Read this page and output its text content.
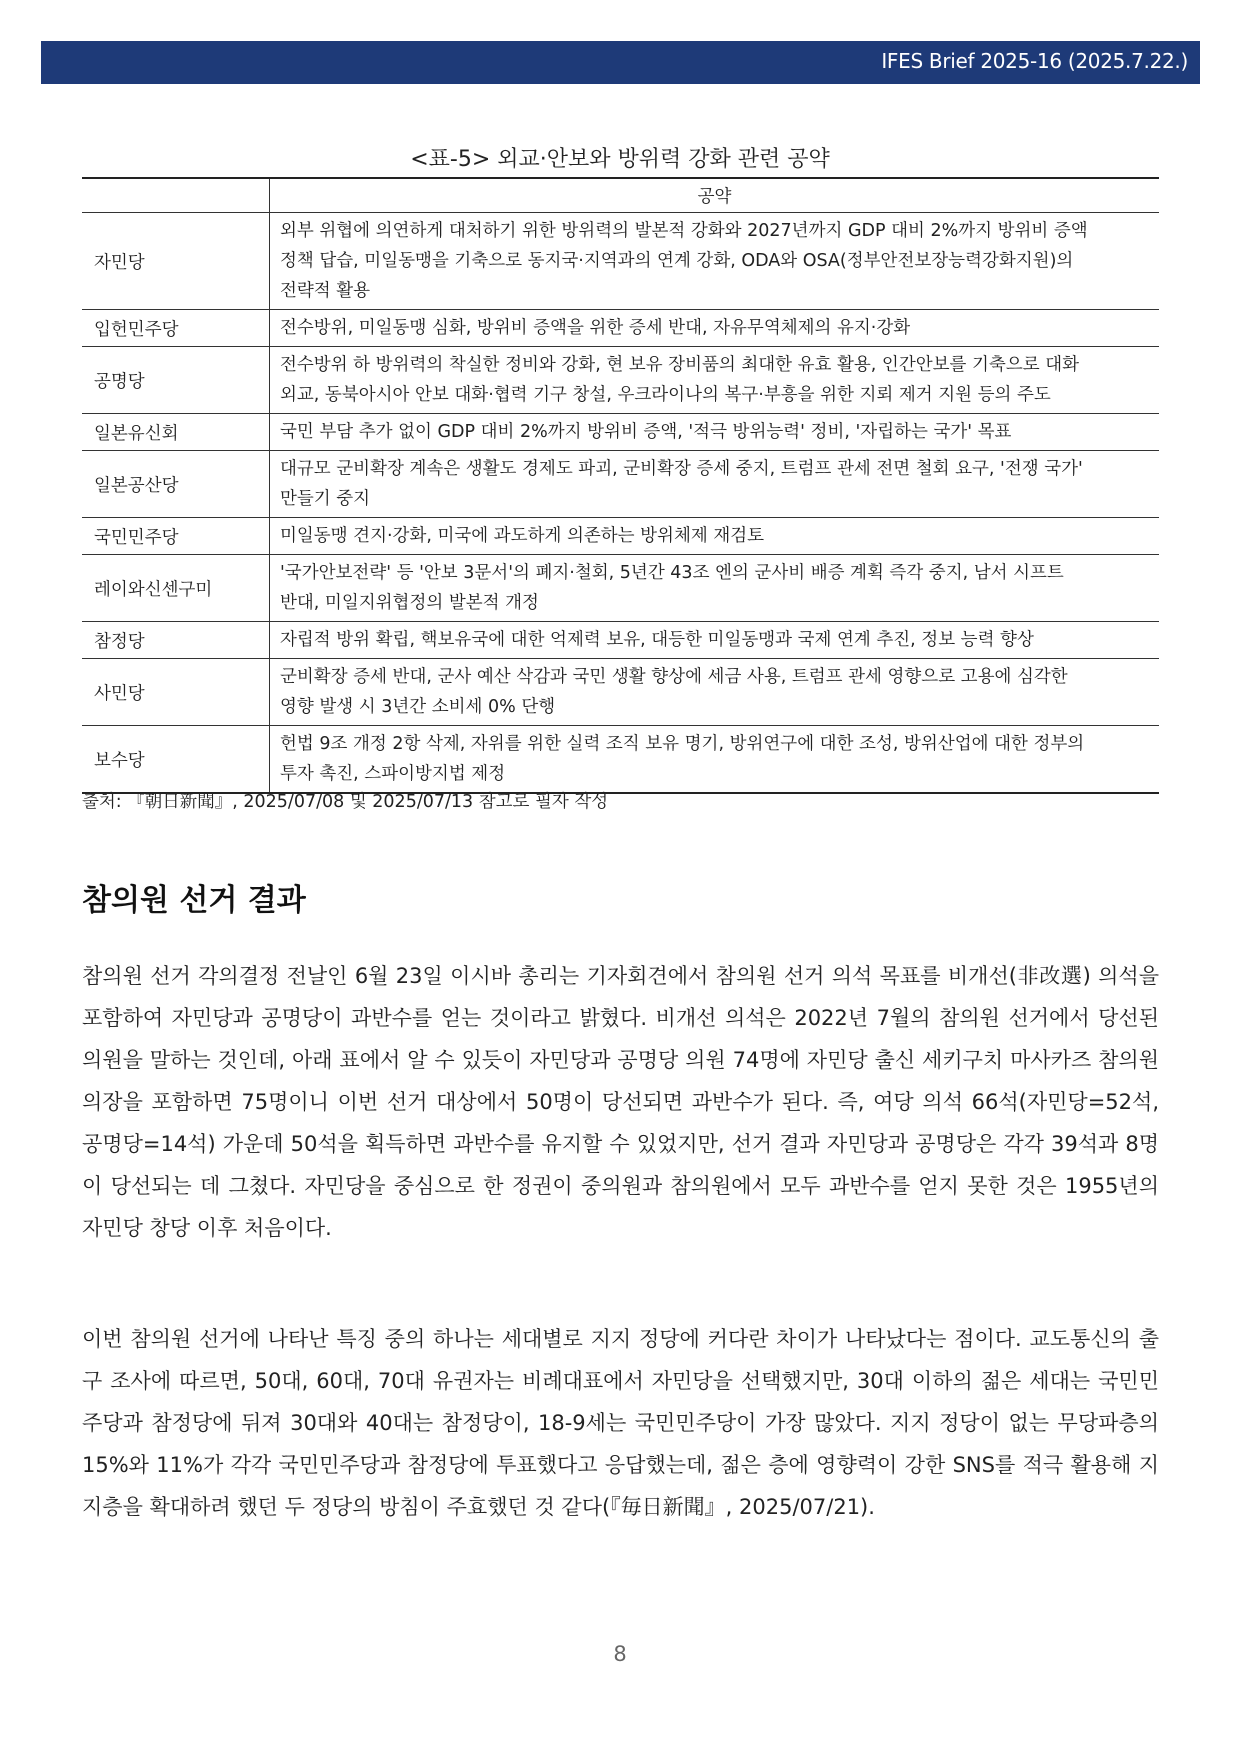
IFES Brief 2025-16 (2025.7.22.)
<표-5> 외교·안보와 방위력 강화 관련 공약
	공약
자민당	외부 위협에 의연하게 대처하기 위한 방위력의 발본적 강화와 2027년까지 GDP 대비 2%까지 방위비 증액
정책 답습, 미일동맹을 기축으로 동지국·지역과의 연계 강화, ODA와 OSA(정부안전보장능력강화지원)의
전략적 활용

입헌민주당	전수방위, 미일동맹 심화, 방위비 증액을 위한 증세 반대, 자유무역체제의 유지·강화

공명당	전수방위 하 방위력의 착실한 정비와 강화, 현 보유 장비품의 최대한 유효 활용, 인간안보를 기축으로 대화
외교, 동북아시아 안보 대화·협력 기구 창설, 우크라이나의 복구·부흥을 위한 지뢰 제거 지원 등의 주도

일본유신회	국민 부담 추가 없이 GDP 대비 2%까지 방위비 증액, '적극 방위능력' 정비, '자립하는 국가' 목표

일본공산당	대규모 군비확장 계속은 생활도 경제도 파괴, 군비확장 증세 중지, 트럼프 관세 전면 철회 요구, '전쟁 국가'
만들기 중지

국민민주당	미일동맹 견지·강화, 미국에 과도하게 의존하는 방위체제 재검토

레이와신센구미	'국가안보전략' 등 '안보 3문서'의 폐지·철회, 5년간 43조 엔의 군사비 배증 계획 즉각 중지, 남서 시프트
반대, 미일지위협정의 발본적 개정

참정당	자립적 방위 확립, 핵보유국에 대한 억제력 보유, 대등한 미일동맹과 국제 연계 추진, 정보 능력 향상

사민당	군비확장 증세 반대, 군사 예산 삭감과 국민 생활 향상에 세금 사용, 트럼프 관세 영향으로 고용에 심각한
영향 발생 시 3년간 소비세 0% 단행

보수당	헌법 9조 개정 2항 삭제, 자위를 위한 실력 조직 보유 명기, 방위연구에 대한 조성, 방위산업에 대한 정부의
투자 촉진, 스파이방지법 제정
출처: 『朝日新聞』, 2025/07/08 및 2025/07/13 참고로 필자 작성
참의원 선거 결과
참의원 선거 각의결정 전날인 6월 23일 이시바 총리는 기자회견에서 참의원 선거 의석 목표를 비개선(非改選) 의석을 포함하여 자민당과 공명당이 과반수를 얻는 것이라고 밝혔다. 비개선 의석은 2022년 7월의 참의원 선거에서 당선된 의원을 말하는 것인데, 아래 표에서 알 수 있듯이 자민당과 공명당 의원 74명에 자민당 출신 세키구치 마사카즈 참의원 의장을 포함하면 75명이니 이번 선거 대상에서 50명이 당선되면 과반수가 된다. 즉, 여당 의석 66석(자민당=52석, 공명당=14석) 가운데 50석을 획득하면 과반수를 유지할 수 있었지만, 선거 결과 자민당과 공명당은 각각 39석과 8명이 당선되는 데 그쳤다. 자민당을 중심으로 한 정권이 중의원과 참의원에서 모두 과반수를 얻지 못한 것은 1955년의 자민당 창당 이후 처음이다.
이번 참의원 선거에 나타난 특징 중의 하나는 세대별로 지지 정당에 커다란 차이가 나타났다는 점이다. 교도통신의 출구 조사에 따르면, 50대, 60대, 70대 유권자는 비례대표에서 자민당을 선택했지만, 30대 이하의 젊은 세대는 국민민주당과 참정당에 뒤져 30대와 40대는 참정당이, 18-9세는 국민민주당이 가장 많았다. 지지 정당이 없는 무당파층의 15%와 11%가 각각 국민민주당과 참정당에 투표했다고 응답했는데, 젊은 층에 영향력이 강한 SNS를 적극 활용해 지지층을 확대하려 했던 두 정당의 방침이 주효했던 것 같다(『毎日新聞』, 2025/07/21).
8
